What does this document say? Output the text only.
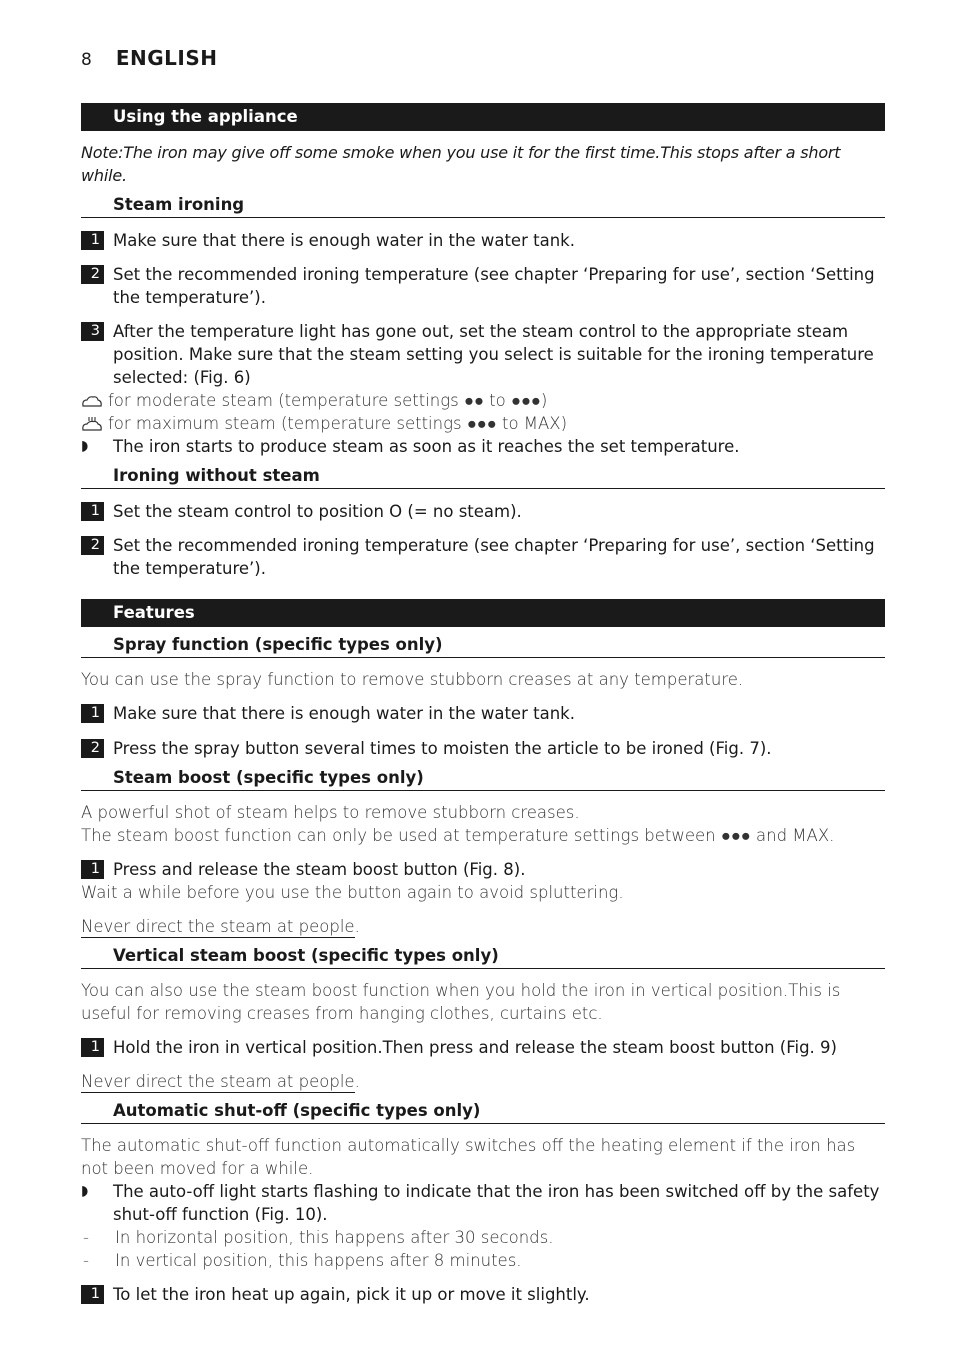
8 ENGLISH
Using the appliance
Note:The iron may give off some smoke when you use it for the first time.This stops after a short while.
Steam ironing
1 Make sure that there is enough water in the water tank.
2 Set the recommended ironing temperature (see chapter ‘Preparing for use’, section ‘Setting the temperature’).
3 After the temperature light has gone out, set the steam control to the appropriate steam position. Make sure that the steam setting you select is suitable for the ironing temperature selected: (Fig. 6)
for moderate steam (temperature settings ●● to ●●●)
for maximum steam (temperature settings ●●● to MAX)
◗	The iron starts to produce steam as soon as it reaches the set temperature.
Ironing without steam
1 Set the steam control to position O (= no steam).
2 Set the recommended ironing temperature (see chapter ‘Preparing for use’, section ‘Setting the temperature’).
Features
Spray function (specific types only)
You can use the spray function to remove stubborn creases at any temperature.
1 Make sure that there is enough water in the water tank.
2 Press the spray button several times to moisten the article to be ironed (Fig. 7).
Steam boost (specific types only)
A powerful shot of steam helps to remove stubborn creases.
The steam boost function can only be used at temperature settings between ●●● and MAX.
1 Press and release the steam boost button (Fig. 8).
Wait a while before you use the button again to avoid spluttering.
Never direct the steam at people.
Vertical steam boost (specific types only)
You can also use the steam boost function when you hold the iron in vertical position.This is useful for removing creases from hanging clothes, curtains etc.
1 Hold the iron in vertical position.Then press and release the steam boost button (Fig. 9)
Never direct the steam at people.
Automatic shut-off (specific types only)
The automatic shut-off function automatically switches off the heating element if the iron has not been moved for a while.
◗	The auto-off light starts flashing to indicate that the iron has been switched off by the safety shut-off function (Fig. 10).
-	In horizontal position, this happens after 30 seconds.
-	In vertical position, this happens after 8 minutes.
1 To let the iron heat up again, pick it up or move it slightly.
